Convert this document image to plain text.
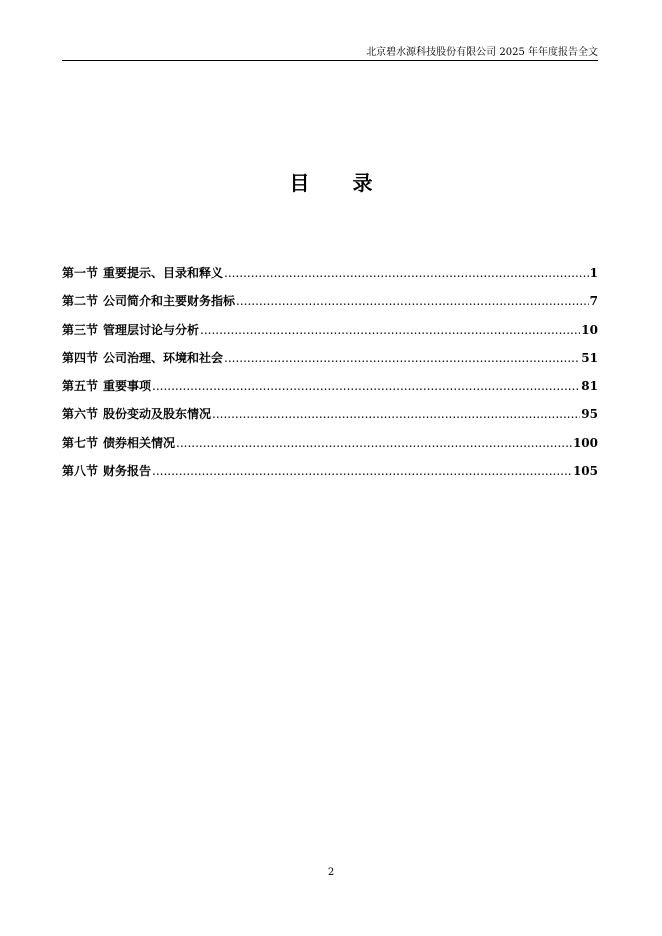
北京碧水源科技股份有限公司 2025 年年度报告全文
目 录
第一节 重要提示、目录和释义 .....	1
第二节 公司简介和主要财务指标 .....	7
第三节 管理层讨论与分析 .....	10
第四节 公司治理、环境和社会 .....	51
第五节 重要事项 .....	81
第六节 股份变动及股东情况 .....	95
第七节 债券相关情况 .....	100
第八节 财务报告 .....	105
2
